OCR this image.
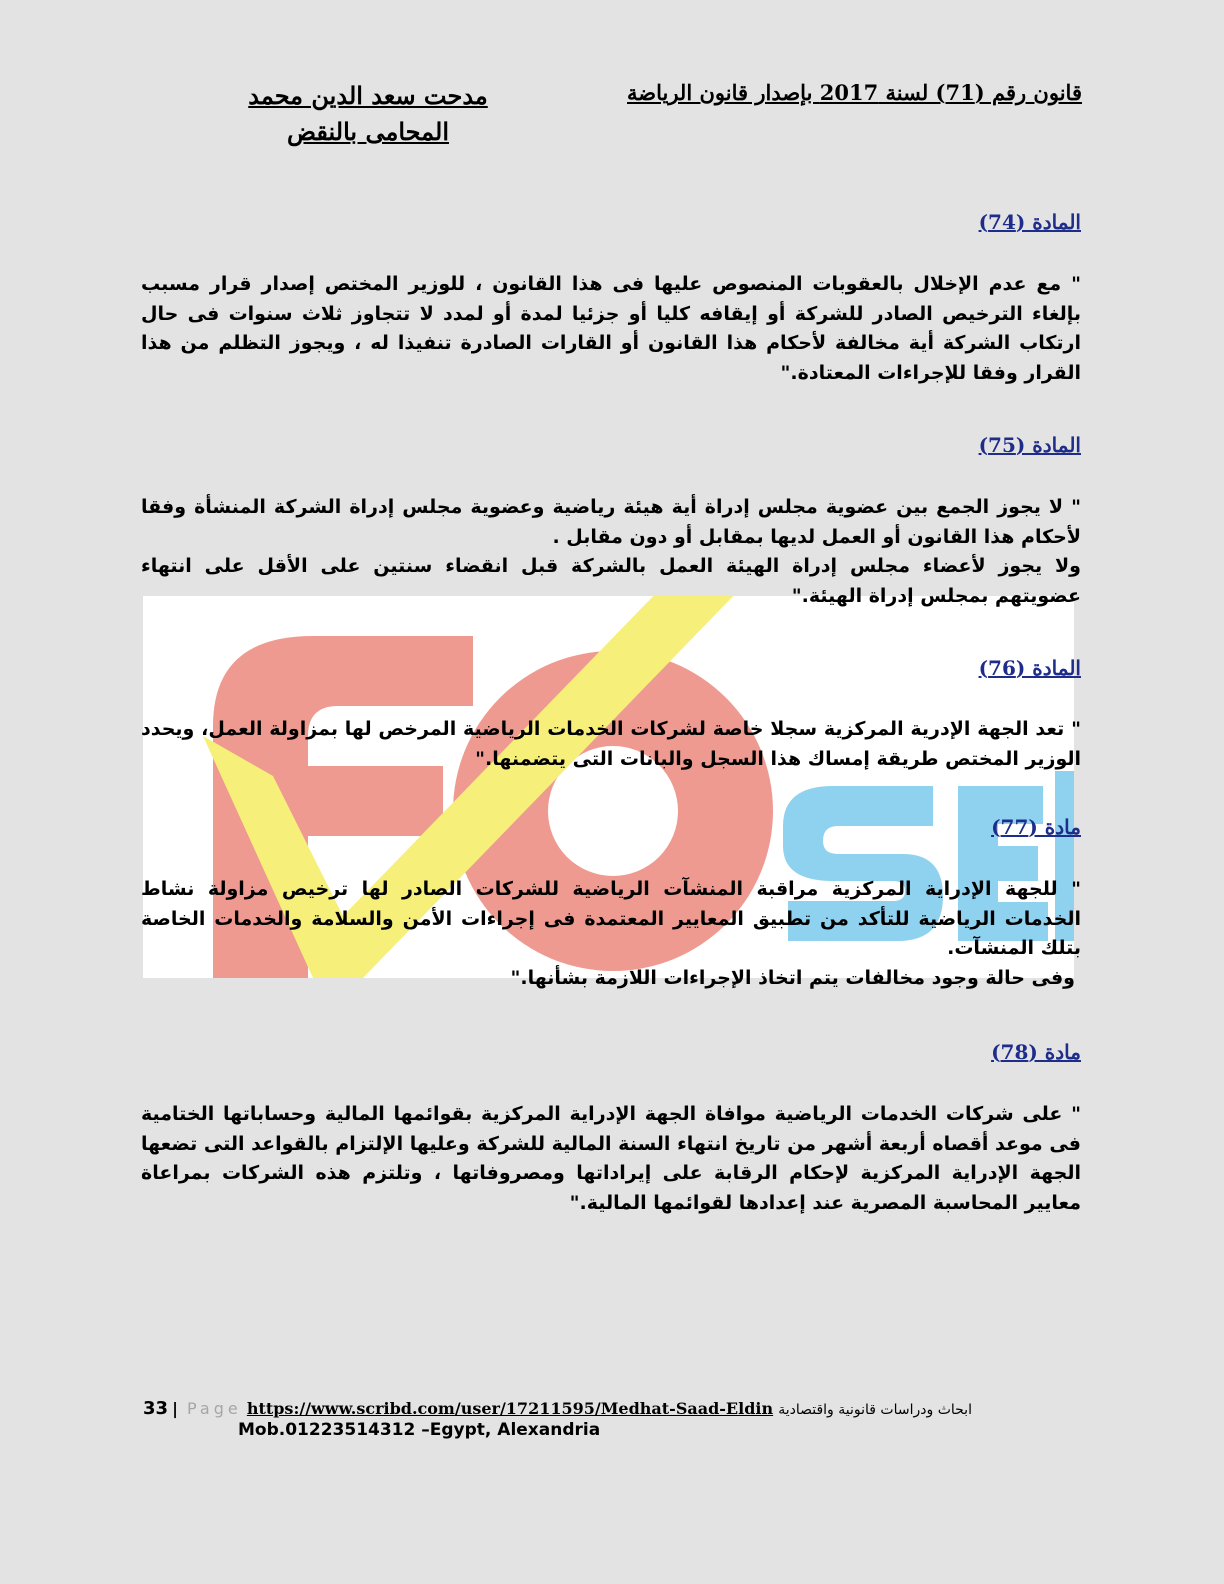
قانون رقم (71) لسنة 2017 بإصدار قانون الرياضة
مدحت سعد الدين محمد
المحامى بالنقض
المادة (74)

" مع عدم الإخلال بالعقوبات المنصوص عليها فى هذا القانون ، للوزير المختص إصدار قرار مسبب بإلغاء الترخيص الصادر للشركة أو إيقافه كليا أو جزئيا لمدة أو لمدد لا تتجاوز ثلاث سنوات فى حال ارتكاب الشركة أية مخالفة لأحكام هذا القانون أو القارات الصادرة تنفيذا له ، ويجوز التظلم من هذا القرار وفقا للإجراءات المعتادة."

المادة (75)

" لا يجوز الجمع بين عضوية مجلس إدراة أية هيئة رياضية وعضوية مجلس إدراة الشركة المنشأة وفقا لأحكام هذا القانون أو العمل لديها بمقابل أو دون مقابل .

ولا يجوز لأعضاء مجلس إدراة الهيئة العمل بالشركة قبل انقضاء سنتين على الأقل على انتهاء عضويتهم بمجلس إدراة الهيئة."

المادة (76)

" تعد الجهة الإدرية المركزية سجلا خاصة لشركات الخدمات الرياضية المرخص لها بمزاولة العمل، ويحدد الوزير المختص طريقة إمساك هذا السجل والبانات التى يتضمنها."

مادة (77)

" للجهة الإدراية المركزية مراقبة المنشآت الرياضية للشركات الصادر لها ترخيص مزاولة نشاط الخدمات الرياضية للتأكد من تطبيق المعايير المعتمدة فى إجراءات الأمن والسلامة والخدمات الخاصة بتلك المنشآت.

وفى حالة وجود مخالفات يتم اتخاذ الإجراءات اللازمة بشأنها."

مادة (78)

" على شركات الخدمات الرياضية موافاة الجهة الإدراية المركزية بقوائمها المالية وحساباتها الختامية فى موعد أقصاه أربعة أشهر من تاريخ انتهاء السنة المالية للشركة وعليها الإلتزام بالقواعد التى تضعها الجهة الإدراية المركزية لإحكام الرقابة على إيراداتها ومصروفاتها ، وتلتزم هذه الشركات بمراعاة معايير المحاسبة المصرية عند إعدادها لقوائمها المالية."

33 | Page https://www.scribd.com/user/17211595/Medhat-Saad-Eldin ابحاث ودراسات قانونية واقتصادية
Mob.01223514312 –Egypt, Alexandria
